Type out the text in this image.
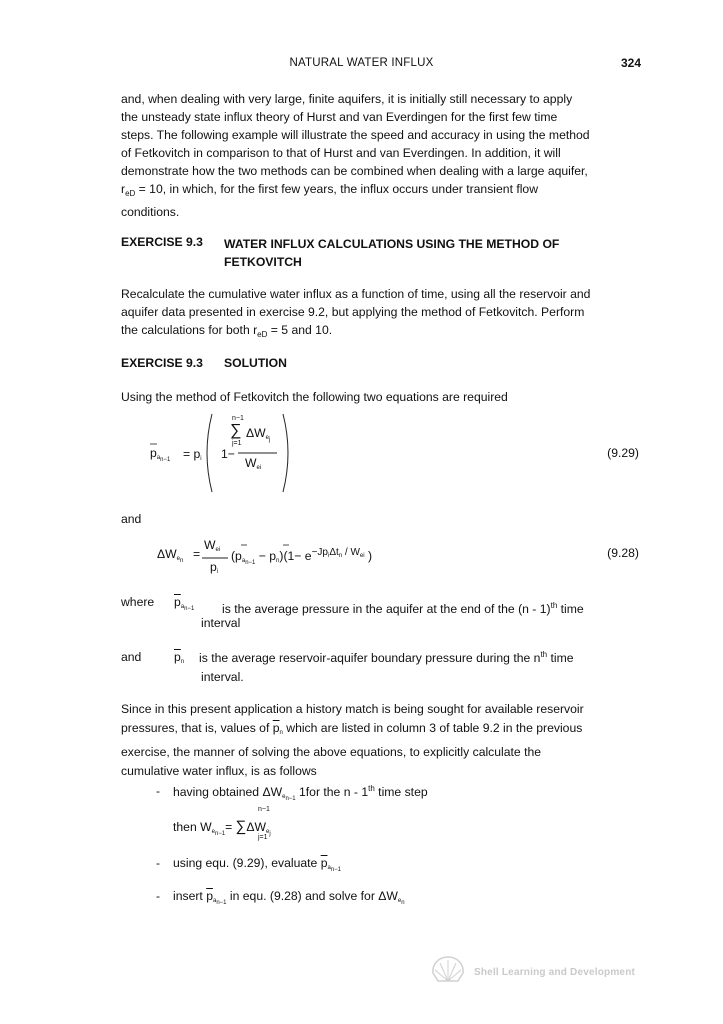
NATURAL WATER INFLUX	324
and, when dealing with very large, finite aquifers, it is initially still necessary to apply
the unsteady state influx theory of Hurst and van Everdingen for the first few time
steps. The following example will illustrate the speed and accuracy in using the method
of Fetkovitch in comparison to that of Hurst and van Everdingen. In addition, it will
demonstrate how the two methods can be combined when dealing with a large aquifer,
$r_{eD} = 10$, in which, for the first few years, the influx occurs under transient flow
conditions.
EXERCISE 9.3 WATER INFLUX CALCULATIONS USING THE METHOD OF
FETKOVITCH
Recalculate the cumulative water influx as a function of time, using all the reservoir and
aquifer data presented in exercise 9.2, but applying the method of Fetkovitch. Perform
the calculations for both $r_{eD} = 5$ and 10.
EXERCISE 9.3 SOLUTION
Using the method of Fetkovitch the following two equations are required
pan−1 = pi 1−
n−1
∑ ΔWej
j=1
Wei
(9.29)
and
ΔWen =
Wei
pi
$(pan-1 - pn)(1- e^{-Jp_i\Delta t_n / W_{ei}}$ )	(9.28)
where $\overline{p}an-1$ is the average pressure in the aquifer at the end of the (n - 1)$^{th}$ time
interval
and	$\overline{p}n$ is the average reservoir-aquifer boundary pressure during the $n^{th}$ time
interval.
Since in this present application a history match is being sought for available reservoir
pressures, that is, values of $\overline{p}n$ which are listed in column 3 of table 9.2 in the previous
exercise, the manner of solving the above equations, to explicitly calculate the
cumulative water influx, is as follows
- having obtained ΔWen−1 1for the n - 1th time step
n−1
then Wen−1= ∑ΔWej
j=1
- using equ. (9.29), evaluate $\overline{p}an-1$
- insert $\overline{p}an-1$ in equ. (9.28) and solve for ΔWen
Shell Learning and Development
